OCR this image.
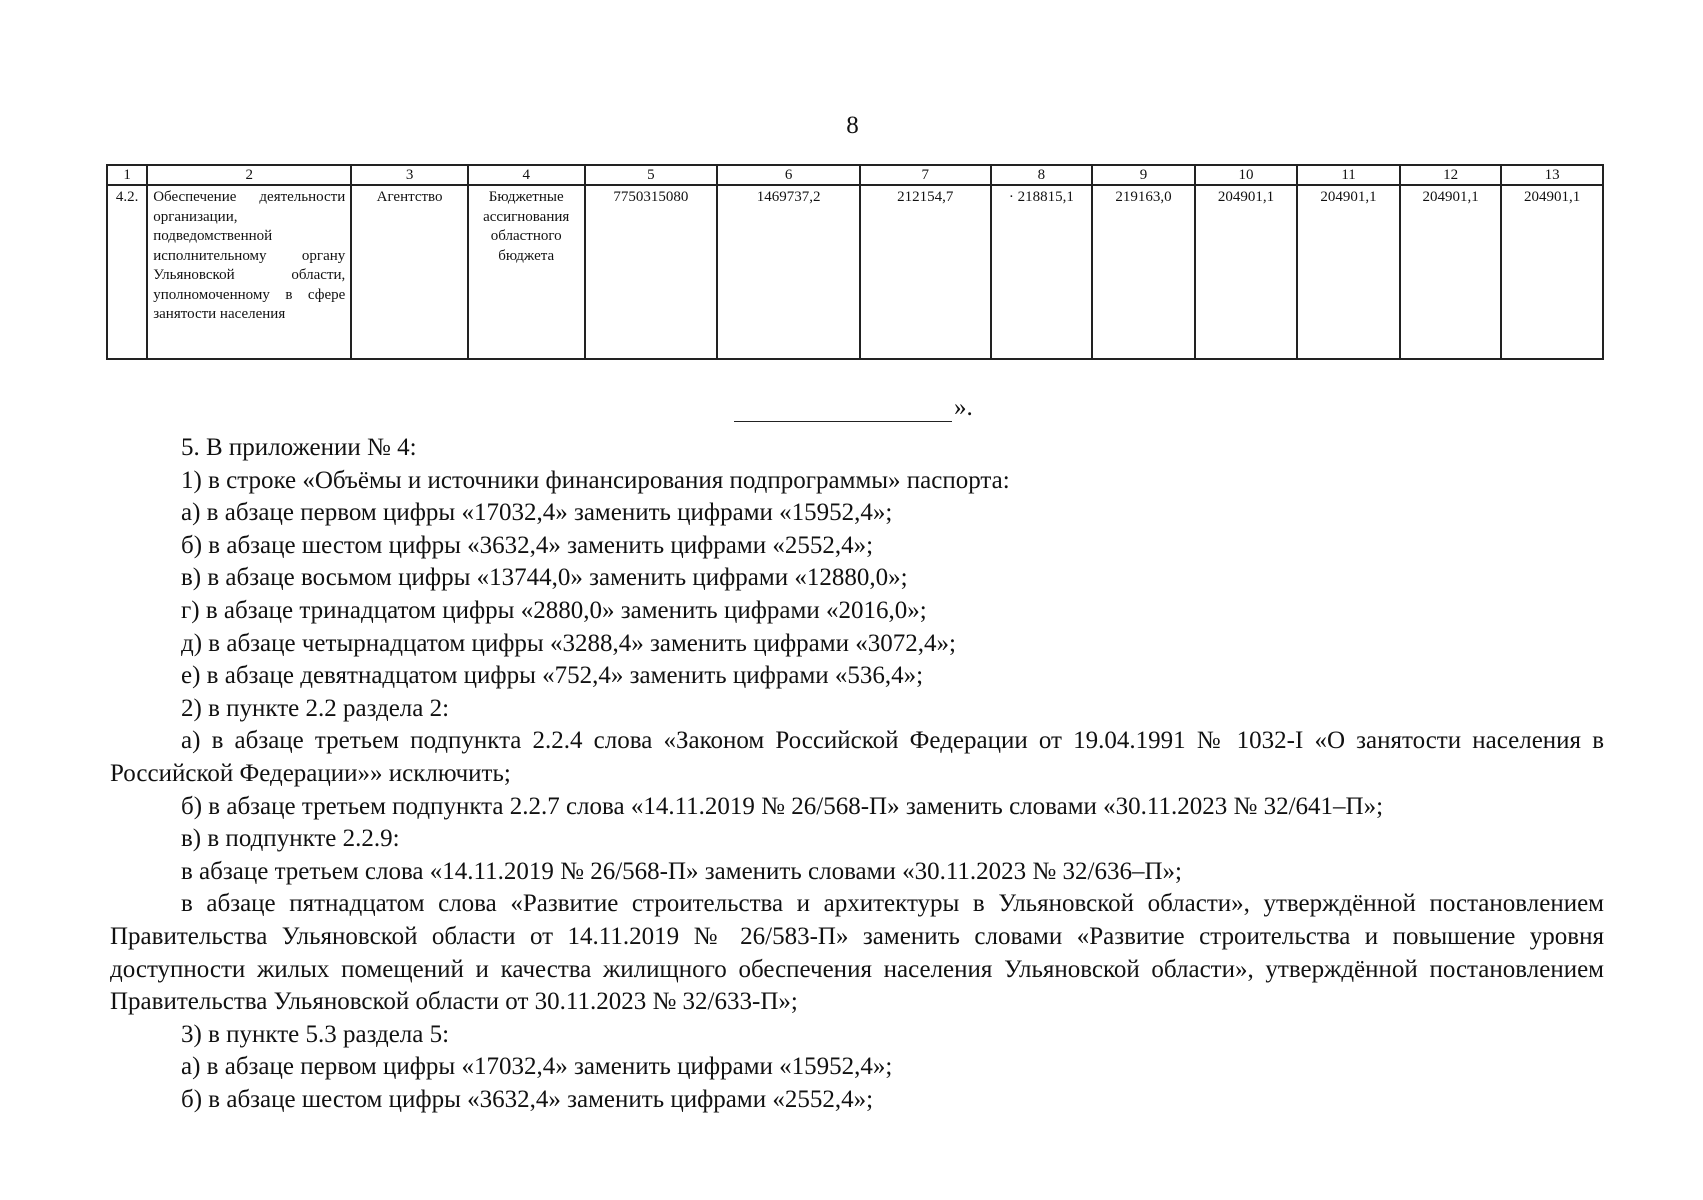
8
1	2	3	4	5	6	7	8	9	10	11	12	13
4.2.	Обеспечение деятельности организации, подведомственной исполнительному органу Ульяновской области, уполномоченному в сфере занятости населения	Агентство	Бюджетные ассигнования областного бюджета	7750315080	1469737,2	212154,7	· 218815,1	219163,0	204901,1	204901,1	204901,1	204901,1
».

5. В приложении № 4:

1) в строке «Объёмы и источники финансирования подпрограммы» паспорта:

а) в абзаце первом цифры «17032,4» заменить цифрами «15952,4»;

б) в абзаце шестом цифры «3632,4» заменить цифрами «2552,4»;

в) в абзаце восьмом цифры «13744,0» заменить цифрами «12880,0»;

г) в абзаце тринадцатом цифры «2880,0» заменить цифрами «2016,0»;

д) в абзаце четырнадцатом цифры «3288,4» заменить цифрами «3072,4»;

е) в абзаце девятнадцатом цифры «752,4» заменить цифрами «536,4»;

2) в пункте 2.2 раздела 2:

а) в абзаце третьем подпункта 2.2.4 слова «Законом Российской Федерации от 19.04.1991 № 1032-I «О занятости населения в Российской Федерации»» исключить;

б) в абзаце третьем подпункта 2.2.7 слова «14.11.2019 № 26/568-П» заменить словами «30.11.2023 № 32/641–П»;

в) в подпункте 2.2.9:

в абзаце третьем слова «14.11.2019 № 26/568-П» заменить словами «30.11.2023 № 32/636–П»;

в абзаце пятнадцатом слова «Развитие строительства и архитектуры в Ульяновской области», утверждённой постановлением Правительства Ульяновской области от 14.11.2019 № 26/583-П» заменить словами «Развитие строительства и повышение уровня доступности жилых помещений и качества жилищного обеспечения населения Ульяновской области», утверждённой постановлением Правительства Ульяновской области от 30.11.2023 № 32/633-П»;

3) в пункте 5.3 раздела 5:

а) в абзаце первом цифры «17032,4» заменить цифрами «15952,4»;

б) в абзаце шестом цифры «3632,4» заменить цифрами «2552,4»;
